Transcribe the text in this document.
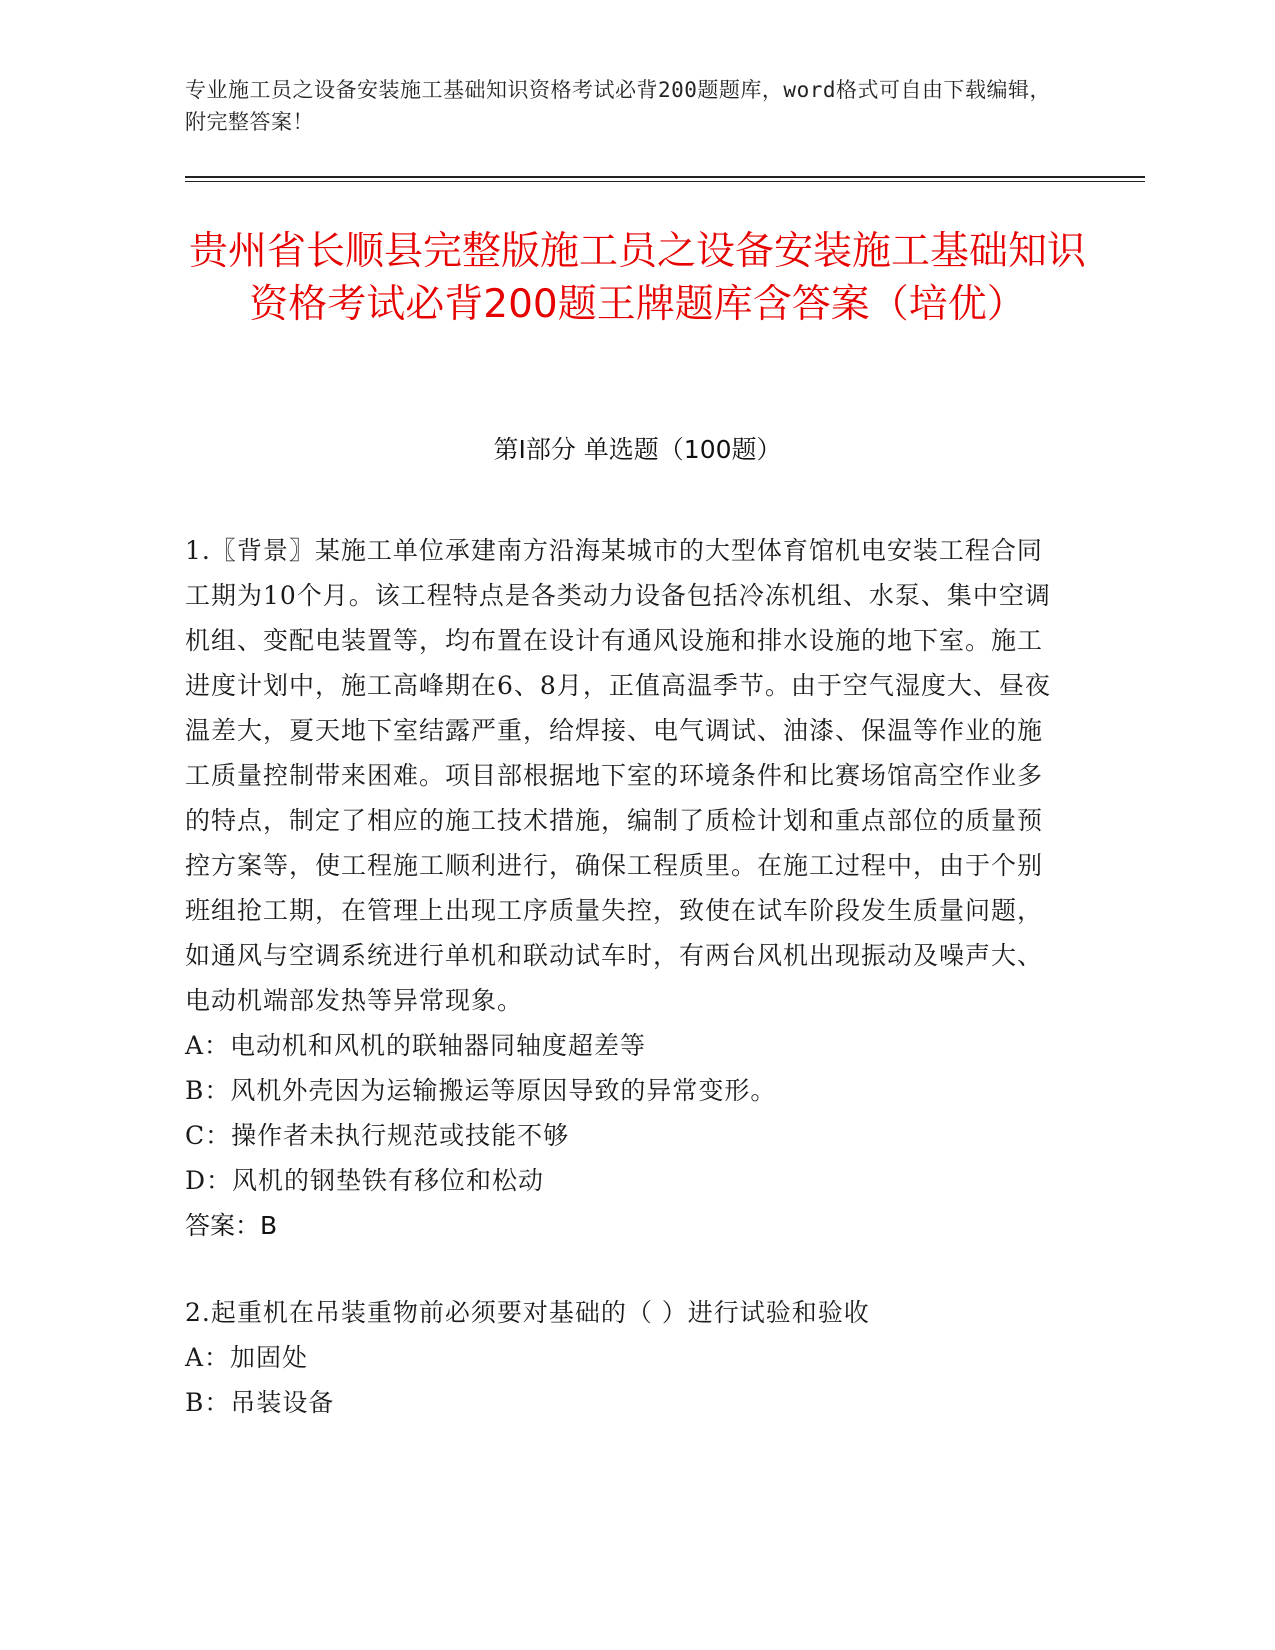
专业施工员之设备安装施工基础知识资格考试必背200题题库，word格式可自由下载编辑，附完整答案！
贵州省长顺县完整版施工员之设备安装施工基础知识资格考试必背200题王牌题库含答案（培优）
第Ⅰ部分 单选题（100题）

1.〖背景〗某施工单位承建南方沿海某城市的大型体育馆机电安装工程合同工期为10个月。该工程特点是各类动力设备包括冷冻机组、水泵、集中空调机组、变配电装置等，均布置在设计有通风设施和排水设施的地下室。施工进度计划中，施工高峰期在6、8月，正值高温季节。由于空气湿度大、昼夜温差大，夏天地下室结露严重，给焊接、电气调试、油漆、保温等作业的施工质量控制带来困难。项目部根据地下室的环境条件和比赛场馆高空作业多的特点，制定了相应的施工技术措施，编制了质检计划和重点部位的质量预控方案等，使工程施工顺利进行，确保工程质里。在施工过程中，由于个别班组抢工期，在管理上出现工序质量失控，致使在试车阶段发生质量问题，如通风与空调系统进行单机和联动试车时，有两台风机出现振动及噪声大、电动机端部发热等异常现象。

A：电动机和风机的联轴器同轴度超差等

B：风机外壳因为运输搬运等原因导致的异常变形。

C：操作者未执行规范或技能不够

D：风机的钢垫铁有移位和松动

答案：B

2.起重机在吊装重物前必须要对基础的（ ）进行试验和验收

A：加固处

B：吊装设备
